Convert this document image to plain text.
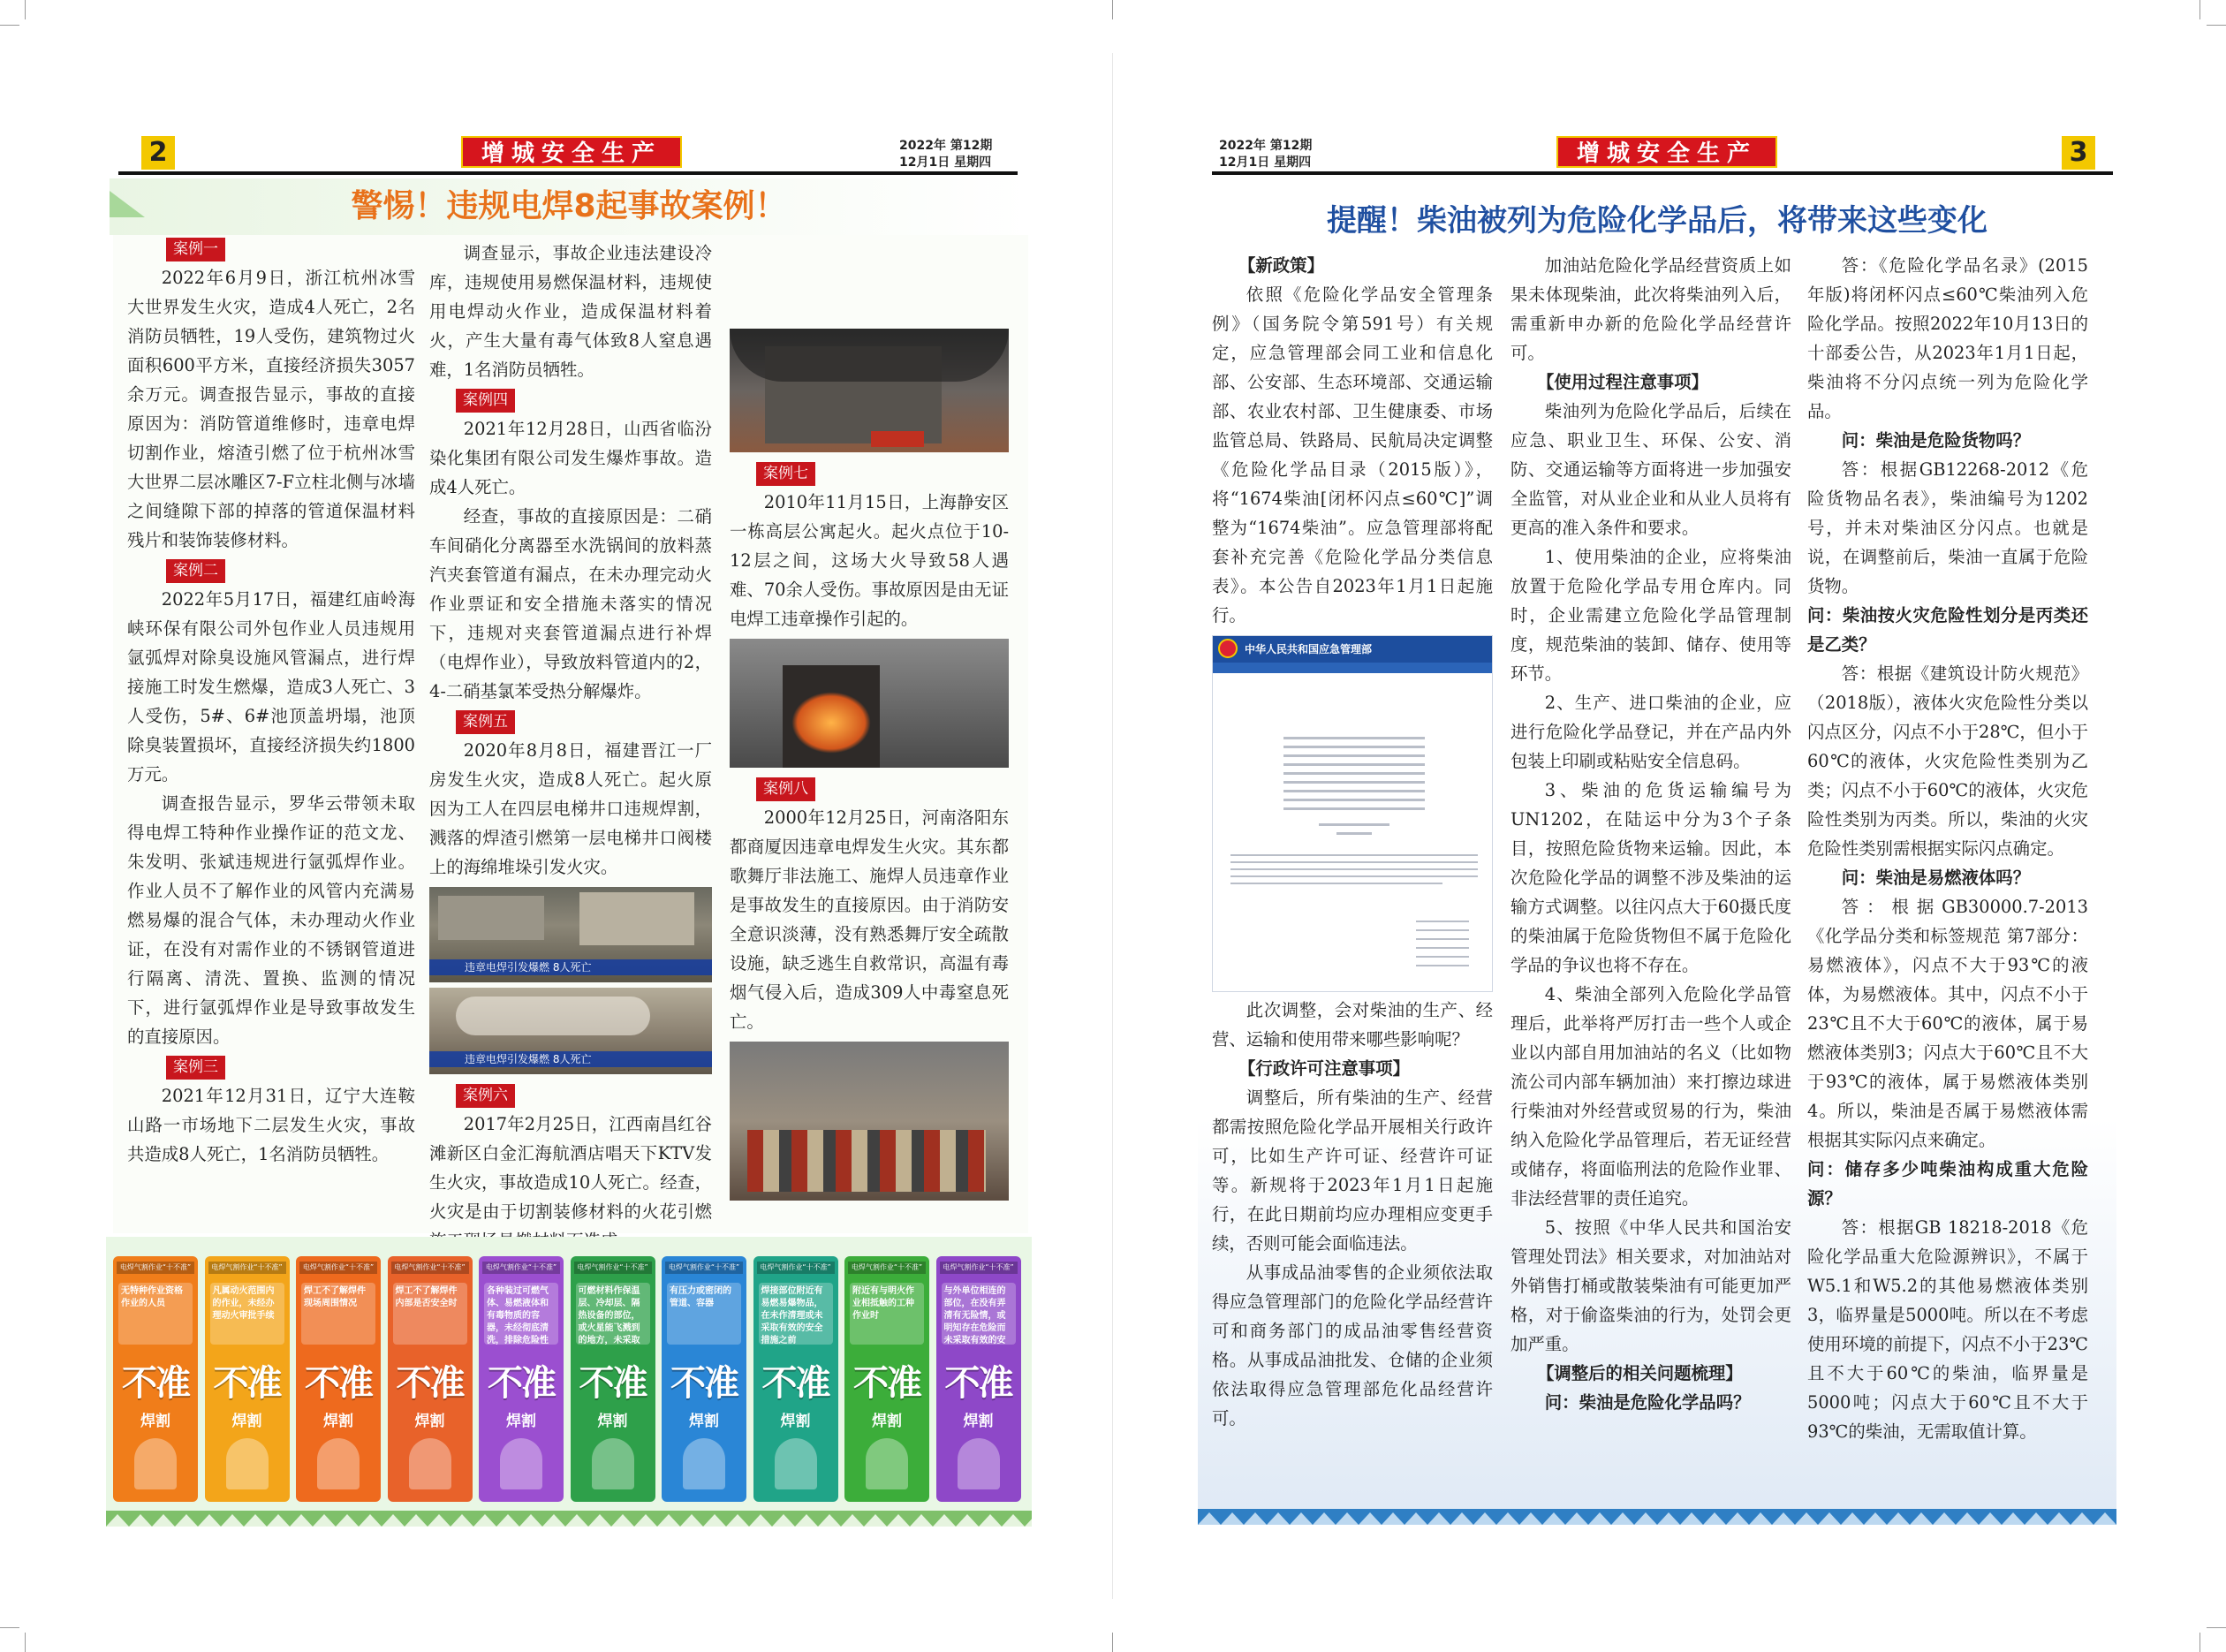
2	增城安全生产	2022年 第12期
12月1日 星期四
警惕！违规电焊8起事故案例！
案例一

2022年6月9日，浙江杭州冰雪大世界发生火灾，造成4人死亡，2名消防员牺牲，19人受伤，建筑物过火面积600平方米，直接经济损失3057余万元。调查报告显示，事故的直接原因为：消防管道维修时，违章电焊切割作业，熔渣引燃了位于杭州冰雪大世界二层冰雕区7-F立柱北侧与冰墙之间缝隙下部的掉落的管道保温材料残片和装饰装修材料。

案例二

2022年5月17日，福建红庙岭海峡环保有限公司外包作业人员违规用氩弧焊对除臭设施风管漏点，进行焊接施工时发生燃爆，造成3人死亡、3人受伤，5#、6#池顶盖坍塌，池顶除臭装置损坏，直接经济损失约1800万元。

调查报告显示，罗华云带领未取得电焊工特种作业操作证的范文龙、朱发明、张斌违规进行氩弧焊作业。作业人员不了解作业的风管内充满易燃易爆的混合气体，未办理动火作业证，在没有对需作业的不锈钢管道进行隔离、清洗、置换、监测的情况下，进行氩弧焊作业是导致事故发生的直接原因。

案例三

2021年12月31日，辽宁大连鞍山路一市场地下二层发生火灾，事故共造成8人死亡，1名消防员牺牲。

调查显示，事故企业违法建设冷库，违规使用易燃保温材料，违规使用电焊动火作业，造成保温材料着火，产生大量有毒气体致8人窒息遇难，1名消防员牺牲。

案例四

2021年12月28日，山西省临汾染化集团有限公司发生爆炸事故。造成4人死亡。

经查，事故的直接原因是：二硝车间硝化分离器至水洗锅间的放料蒸汽夹套管道有漏点，在未办理完动火作业票证和安全措施未落实的情况下，违规对夹套管道漏点进行补焊（电焊作业），导致放料管道内的2，4-二硝基氯苯受热分解爆炸。

案例五

2020年8月8日，福建晋江一厂房发生火灾，造成8人死亡。起火原因为工人在四层电梯井口违规焊割，溅落的焊渣引燃第一层电梯井口阀楼上的海绵堆垛引发火灾。

违章电焊引发爆燃 8人死亡
违章电焊引发爆燃 8人死亡
案例六

2017年2月25日，江西南昌红谷滩新区白金汇海航酒店唱天下KTV发生火灾，事故造成10人死亡。经查，火灾是由于切割装修材料的火花引燃

案例七

2010年11月15日，上海静安区一栋高层公寓起火。起火点位于10-12层之间，这场大火导致58人遇难、70余人受伤。事故原因是由无证电焊工违章操作引起的。

案例八

2000年12月25日，河南洛阳东都商厦因违章电焊发生火灾。其东都歌舞厅非法施工、施焊人员违章作业是事故发生的直接原因。由于消防安全意识淡薄，没有熟悉舞厅安全疏散设施，缺乏逃生自救常识，高温有毒烟气侵入后，造成309人中毒窒息死亡。

电焊气割作业“十不准”
无特种作业资格作业的人员
不准
焊割
电焊气割作业“十不准”
凡属动火范围内的作业，未经办理动火审批手续
不准
焊割
电焊气割作业“十不准”
焊工不了解焊件现场周围情况
不准
焊割
电焊气割作业“十不准”
焊工不了解焊件内部是否安全时
不准
焊割
电焊气割作业“十不准”
各种装过可燃气体、易燃液体和有毒物质的容器，未经彻底清洗，排除危险性
不准
焊割
电焊气割作业“十不准”
可燃材料作保温层、冷却层、隔热设备的部位，或火星能飞溅到的地方，未采取
不准
焊割
电焊气割作业“十不准”
有压力或密闭的管道、容器
不准
焊割
电焊气割作业“十不准”
焊接部位附近有易燃易爆物品，在未作清理或未采取有效的安全措施之前
不准
焊割
电焊气割作业“十不准”
附近有与明火作业相抵触的工种作业时
不准
焊割
电焊气割作业“十不准”
与外单位相连的部位，在没有弄清有无险情，或明知存在危险而未采取有效的安
不准
焊割
2022年 第12期
12月1日 星期四	增城安全生产	3
提醒！柴油被列为危险化学品后，将带来这些变化
【新政策】

依照《危险化学品安全管理条例》（国务院令第591号）有关规定，应急管理部会同工业和信息化部、公安部、生态环境部、交通运输部、农业农村部、卫生健康委、市场监管总局、铁路局、民航局决定调整《危险化学品目录（2015版）》，将“1674柴油[闭杯闪点≤60℃]”调整为“1674柴油”。应急管理部将配套补充完善《危险化学品分类信息表》。本公告自2023年1月1日起施行。

中华人民共和国应急管理部

此次调整，会对柴油的生产、经营、运输和使用带来哪些影响呢？

【行政许可注意事项】

调整后，所有柴油的生产、经营都需按照危险化学品开展相关行政许可，比如生产许可证、经营许可证等。新规将于2023年1月1日起施行，在此日期前均应办理相应变更手续，否则可能会面临违法。

从事成品油零售的企业须依法取得应急管理部门的危险化学品经营许可和商务部门的成品油零售经营资格。从事成品油批发、仓储的企业须依法取得应急管理部危化品经营许可。

加油站危险化学品经营资质上如果未体现柴油，此次将柴油列入后，需重新申办新的危险化学品经营许可。

【使用过程注意事项】

柴油列为危险化学品后，后续在应急、职业卫生、环保、公安、消防、交通运输等方面将进一步加强安全监管，对从业企业和从业人员将有更高的准入条件和要求。

1、使用柴油的企业，应将柴油放置于危险化学品专用仓库内。同时，企业需建立危险化学品管理制度，规范柴油的装卸、储存、使用等环节。

2、生产、进口柴油的企业，应进行危险化学品登记，并在产品内外包装上印刷或粘贴安全信息码。

3、柴油的危货运输编号为UN1202，在陆运中分为3个子条目，按照危险货物来运输。因此，本次危险化学品的调整不涉及柴油的运输方式调整。以往闪点大于60摄氏度的柴油属于危险货物但不属于危险化学品的争议也将不存在。

4、柴油全部列入危险化学品管理后，此举将严厉打击一些个人或企业以内部自用加油站的名义（比如物流公司内部车辆加油）来打擦边球进行柴油对外经营或贸易的行为，柴油纳入危险化学品管理后，若无证经营或储存，将面临刑法的危险作业罪、非法经营罪的责任追究。

5、按照《中华人民共和国治安管理处罚法》相关要求，对加油站对外销售打桶或散装柴油有可能更加严格，对于偷盗柴油的行为，处罚会更加严重。

【调整后的相关问题梳理】
问：柴油是危险化学品吗？

答：《危险化学品名录》(2015年版)将闭杯闪点≤60℃柴油列入危险化学品。按照2022年10月13日的十部委公告，从2023年1月1日起，柴油将不分闪点统一列为危险化学品。

问：柴油是危险货物吗？

答：根据GB12268-2012《危险货物品名表》，柴油编号为1202号，并未对柴油区分闪点。也就是说，在调整前后，柴油一直属于危险货物。

问：柴油按火灾危险性划分是丙类还是乙类？

答：根据《建筑设计防火规范》（2018版），液体火灾危险性分类以闪点区分，闪点不小于28℃，但小于60℃的液体，火灾危险性类别为乙类；闪点不小于60℃的液体，火灾危险性类别为丙类。所以，柴油的火灾危险性类别需根据实际闪点确定。

问：柴油是易燃液体吗？

答：根据GB30000.7-2013《化学品分类和标签规范 第7部分：易燃液体》，闪点不大于93℃的液体，为易燃液体。其中，闪点不小于23℃且不大于60℃的液体，属于易燃液体类别3；闪点大于60℃且不大于93℃的液体，属于易燃液体类别4。所以，柴油是否属于易燃液体需根据其实际闪点来确定。

问：储存多少吨柴油构成重大危险源？

答：根据GB 18218-2018《危险化学品重大危险源辨识》，不属于W5.1和W5.2的其他易燃液体类别3，临界量是5000吨。所以在不考虑使用环境的前提下，闪点不小于23℃且不大于60℃的柴油，临界量是5000吨；闪点大于60℃且不大于93℃的柴油，无需取值计算。
